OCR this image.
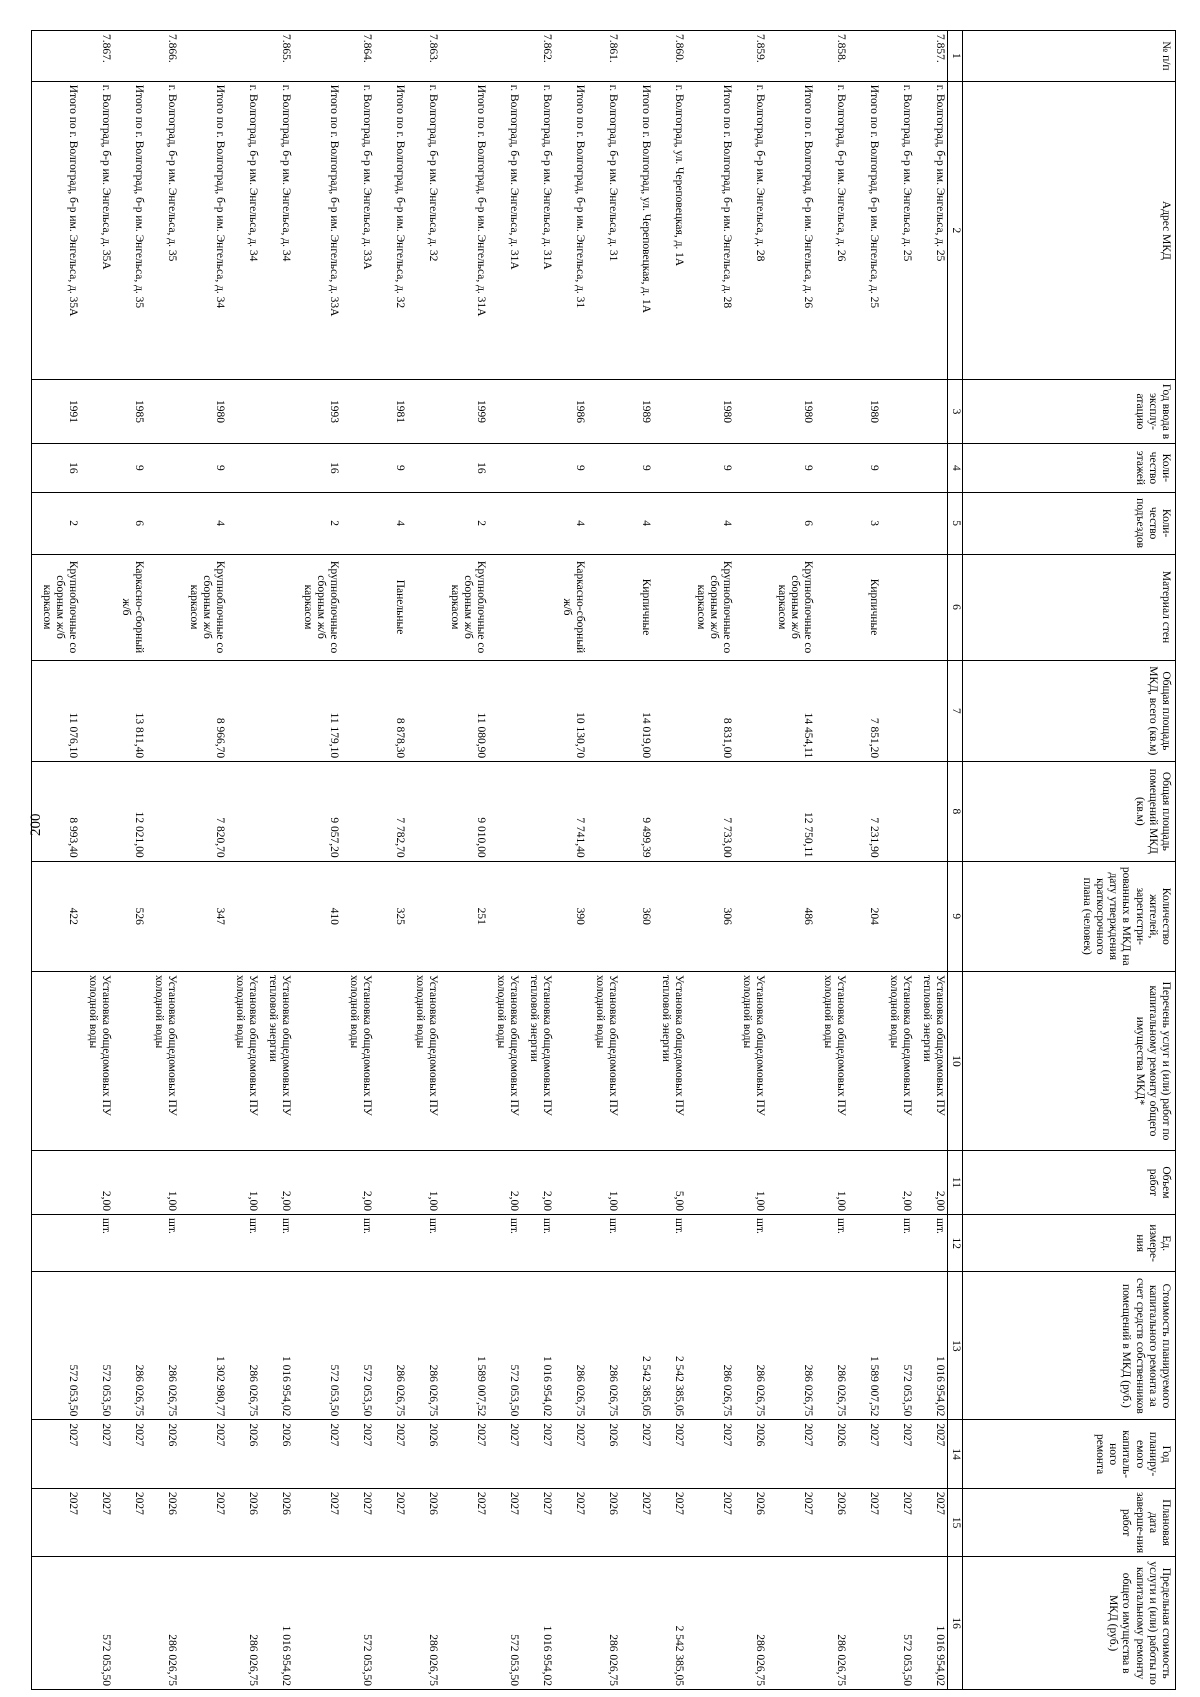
200
№ п/п	Адрес МКД	Год ввода в эксплу-атацию	Коли-чество этажей	Коли-чество подъездов	Материал стен	Общая площадь МКД, всего (кв.м)	Общая площадь помещений МКД (кв.м)	Количество жителей, зарегистри-рованных в МКД на дату утверждения краткосрочного плана (человек)	Перечень услуг и (или) работ по капитальному ремонту общего имущества МКД*	Объем работ	Ед. измере-ния	Стоимость планируемого капитального ремонта за счет средств собственников помещений в МКД (руб.)	Год планиру-емого капиталь-ного ремонта	Плановая дата заверше-ния работ	Предельная стоимость услуги и (или) работы по капитальному ремонту общего имущества в МКД (руб.)
1	2	3	4	5	6	7	8	9	10	11	12	13	14	15	16
7.857.	г. Волгоград, б-р им. Энгельса, д. 25								Установка общедомовых ПУ тепловой энергии	2,00	шт.	1 016 954,02	2027	2027	1 016 954,02
	г. Волгоград, б-р им. Энгельса, д. 25								Установка общедомовых ПУ холодной воды	2,00	шт.	572 053,50	2027	2027	572 053,50
	Итого по г. Волгоград, б-р им. Энгельса, д. 25	1980	9	3	Кирпичные	7 851,20	7 231,90	204				1 589 007,52	2027	2027	
7.858.	г. Волгоград, б-р им. Энгельса, д. 26								Установка общедомовых ПУ холодной воды	1,00	шт.	286 026,75	2026	2026	286 026,75
	Итого по г. Волгоград, б-р им. Энгельса, д. 26	1980	9	6	Крупноблочные со сборным ж/б каркасом	14 454,11	12 750,11	486				286 026,75	2027	2027	
7.859.	г. Волгоград, б-р им. Энгельса, д. 28								Установка общедомовых ПУ холодной воды	1,00	шт.	286 026,75	2026	2026	286 026,75
	Итого по г. Волгоград, б-р им. Энгельса, д. 28	1980	9	4	Крупноблочные со сборным ж/б каркасом	8 831,00	7 733,00	306				286 026,75	2027	2027	
7.860.	г. Волгоград, ул. Череповецкая, д. 1А								Установка общедомовых ПУ тепловой энергии	5,00	шт.	2 542 385,05	2027	2027	2 542 385,05
	Итого по г. Волгоград, ул. Череповецкая, д. 1А	1989	9	4	Кирпичные	14 019,00	9 499,39	360				2 542 385,05	2027	2027	
7.861.	г. Волгоград, б-р им. Энгельса, д. 31								Установка общедомовых ПУ холодной воды	1,00	шт.	286 026,75	2026	2026	286 026,75
	Итого по г. Волгоград, б-р им. Энгельса, д. 31	1986	9	4	Каркасно-сборный ж/б	10 130,70	7 741,40	390				286 026,75	2027	2027	
7.862.	г. Волгоград, б-р им. Энгельса, д. 31А								Установка общедомовых ПУ тепловой энергии	2,00	шт.	1 016 954,02	2027	2027	1 016 954,02
	г. Волгоград, б-р им. Энгельса, д. 31А								Установка общедомовых ПУ холодной воды	2,00	шт.	572 053,50	2027	2027	572 053,50
	Итого по г. Волгоград, б-р им. Энгельса, д. 31А	1999	16	2	Крупноблочные со сборным ж/б каркасом	11 080,90	9 010,00	251				1 589 007,52	2027	2027	
7.863.	г. Волгоград, б-р им. Энгельса, д. 32								Установка общедомовых ПУ холодной воды	1,00	шт.	286 026,75	2026	2026	286 026,75
	Итого по г. Волгоград, б-р им. Энгельса, д. 32	1981	9	4	Панельные	8 878,30	7 782,70	325				286 026,75	2027	2027	
7.864.	г. Волгоград, б-р им. Энгельса, д. 33А								Установка общедомовых ПУ холодной воды	2,00	шт.	572 053,50	2027	2027	572 053,50
	Итого по г. Волгоград, б-р им. Энгельса, д. 33А	1993	16	2	Крупноблочные со сборным ж/б каркасом	11 179,10	9 057,20	410				572 053,50	2027	2027	
7.865.	г. Волгоград, б-р им. Энгельса, д. 34								Установка общедомовых ПУ тепловой энергии	2,00	шт.	1 016 954,02	2026	2026	1 016 954,02
	г. Волгоград, б-р им. Энгельса, д. 34								Установка общедомовых ПУ холодной воды	1,00	шт.	286 026,75	2026	2026	286 026,75
	Итого по г. Волгоград, б-р им. Энгельса, д. 34	1980	9	4	Крупноблочные со сборным ж/б каркасом	8 966,70	7 820,70	347				1 302 980,77	2027	2027	
7.866.	г. Волгоград, б-р им. Энгельса, д. 35								Установка общедомовых ПУ холодной воды	1,00	шт.	286 026,75	2026	2026	286 026,75
	Итого по г. Волгоград, б-р им. Энгельса, д. 35	1985	9	6	Каркасно-сборный ж/б	13 811,40	12 021,00	526				286 026,75	2027	2027	
7.867.	г. Волгоград, б-р им. Энгельса, д. 35А								Установка общедомовых ПУ холодной воды	2,00	шт.	572 053,50	2027	2027	572 053,50
	Итого по г. Волгоград, б-р им. Энгельса, д. 35А	1991	16	2	Крупноблочные со сборным ж/б каркасом	11 076,10	8 993,40	422				572 053,50	2027	2027	
